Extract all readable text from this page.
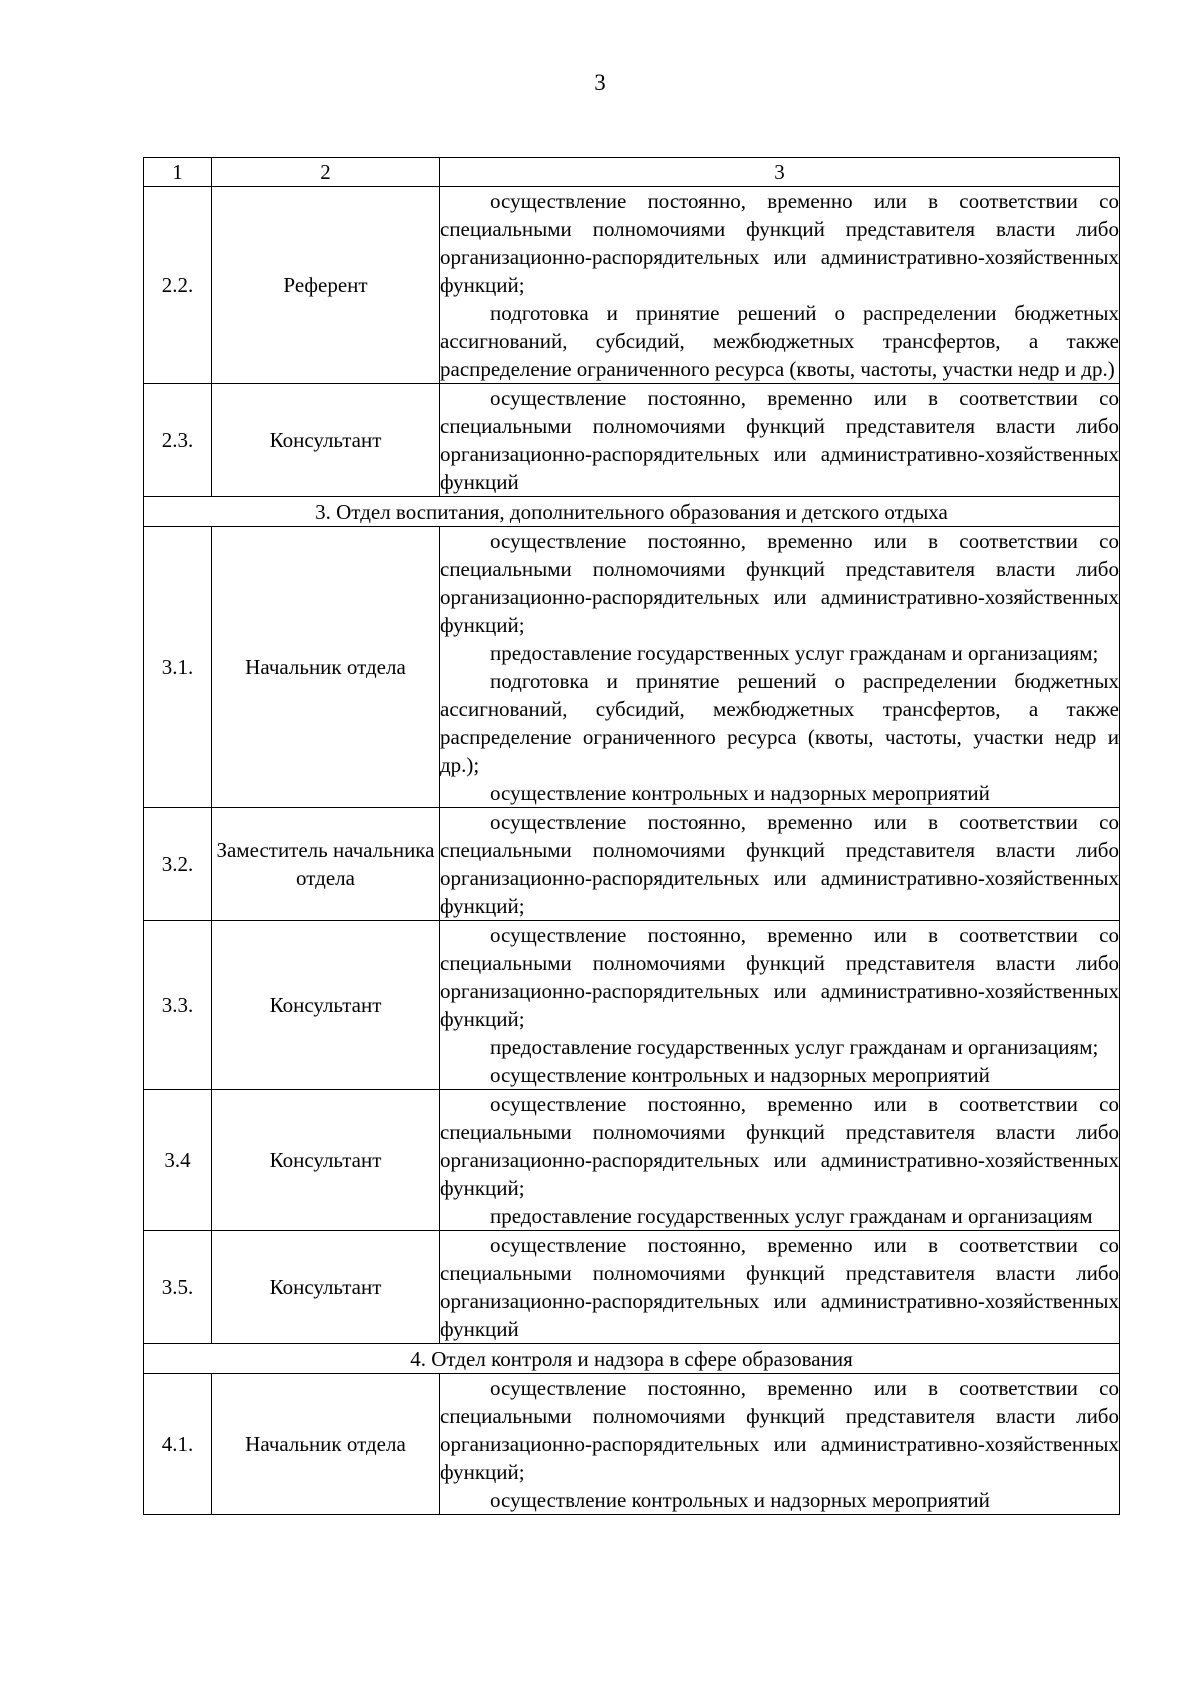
3
1	2	3
2.2.	Референт	осуществление постоянно, временно или в соответствии со специальными полномочиями функций представителя власти либо организационно-распорядительных или административно-хозяйственных функций;

подготовка и принятие решений о распределении бюджетных ассигнований, субсидий, межбюджетных трансфертов, а также распределение ограниченного ресурса (квоты, частоты, участки недр и др.)

2.3.	Консультант	осуществление постоянно, временно или в соответствии со специальными полномочиями функций представителя власти либо организационно-распорядительных или административно-хозяйственных функций

3. Отдел воспитания, дополнительного образования и детского отдыха		
3.1.	Начальник отдела	осуществление постоянно, временно или в соответствии со специальными полномочиями функций представителя власти либо организационно-распорядительных или административно-хозяйственных функций;

предоставление государственных услуг гражданам и организациям;

подготовка и принятие решений о распределении бюджетных ассигнований, субсидий, межбюджетных трансфертов, а также распределение ограниченного ресурса (квоты, частоты, участки недр и др.);

осуществление контрольных и надзорных мероприятий

3.2.	Заместитель начальника отдела	осуществление постоянно, временно или в соответствии со специальными полномочиями функций представителя власти либо организационно-распорядительных или административно-хозяйственных функций;

3.3.	Консультант	осуществление постоянно, временно или в соответствии со специальными полномочиями функций представителя власти либо организационно-распорядительных или административно-хозяйственных функций;

предоставление государственных услуг гражданам и организациям;

осуществление контрольных и надзорных мероприятий

3.4	Консультант	осуществление постоянно, временно или в соответствии со специальными полномочиями функций представителя власти либо организационно-распорядительных или административно-хозяйственных функций;

предоставление государственных услуг гражданам и организациям

3.5.	Консультант	осуществление постоянно, временно или в соответствии со специальными полномочиями функций представителя власти либо организационно-распорядительных или административно-хозяйственных функций

4. Отдел контроля и надзора в сфере образования		
4.1.	Начальник отдела	осуществление постоянно, временно или в соответствии со специальными полномочиями функций представителя власти либо организационно-распорядительных или административно-хозяйственных функций;

осуществление контрольных и надзорных мероприятий
